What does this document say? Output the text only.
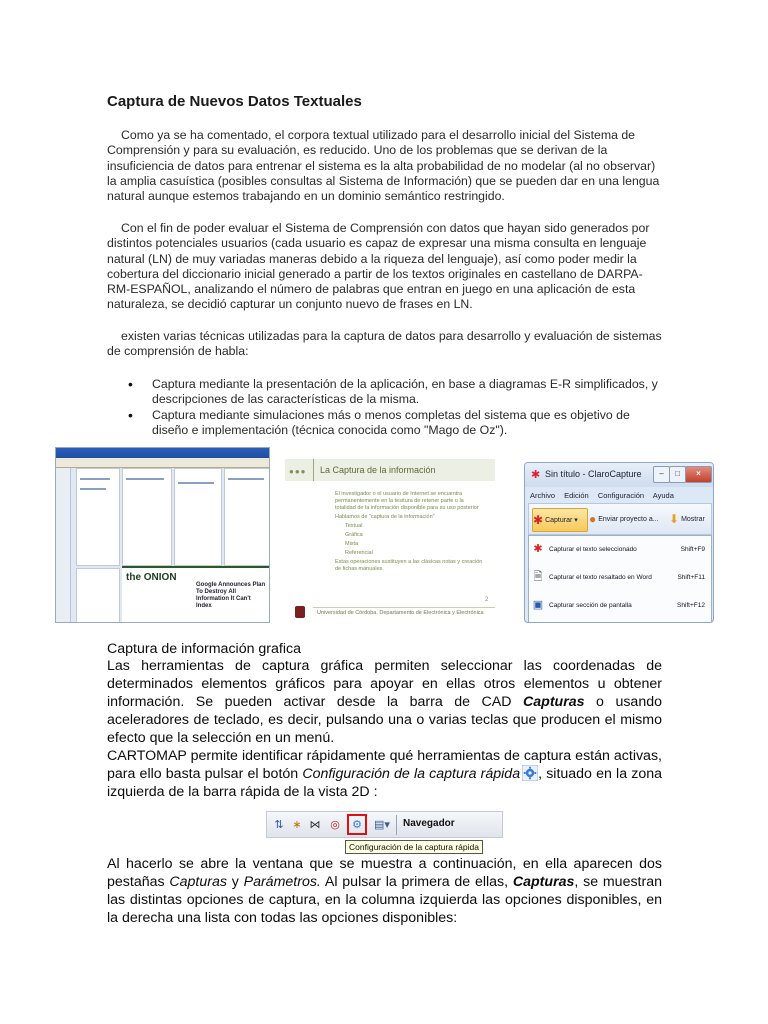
Captura de Nuevos Datos Textuales

Como ya se ha comentado, el corpora textual utilizado para el desarrollo inicial del Sistema de Comprensión y para su evaluación, es reducido. Uno de los problemas que se derivan de la insuficiencia de datos para entrenar el sistema es la alta probabilidad de no modelar (al no observar) la amplia casuística (posibles consultas al Sistema de Información) que se pueden dar en una lengua natural aunque estemos trabajando en un dominio semántico restringido.

Con el fin de poder evaluar el Sistema de Comprensión con datos que hayan sido generados por distintos potenciales usuarios (cada usuario es capaz de expresar una misma consulta en lenguaje natural (LN) de muy variadas maneras debido a la riqueza del lenguaje), así como poder medir la cobertura del diccionario inicial generado a partir de los textos originales en castellano de DARPA-RM-ESPAÑOL, analizando el número de palabras que entran en juego en una aplicación de esta naturaleza, se decidió capturar un conjunto nuevo de frases en LN.

existen varias técnicas utilizadas para la captura de datos para desarrollo y evaluación de sistemas de comprensión de habla:

• Captura mediante la presentación de la aplicación, en base a diagramas E-R simplificados, y descripciones de las características de la misma.
• Captura mediante simulaciones más o menos completas del sistema que es objetivo de diseño e implementación (técnica conocida como "Mago de Oz").
the ONION
Google Announces Plan To Destroy All Information It Can't Index
●●● La Captura de la información
El investigador o el usuario de Internet se encuentra permanentemente en la tesitura de retener parte o la totalidad de la información disponible para su uso posterior
Hablamos de "captura de la información"
Textual
Gráfica
Mixta
Referencial
Estas operaciones sustituyen a las clásicas notas y creación de fichas manuales
2
Universidad de Córdoba. Departamento de Electrónica y Electrónica
✱ Sin título - ClaroCapture	–	□	×
Archivo Edición Configuración Ayuda
✱ Capturar ▾ ● Enviar proyecto a... ⬇ Mostrar
✱ Capturar el texto seleccionado	Shift+F9
🗎 Capturar el texto resaltado en Word	Shift+F11
▣ Capturar sección de pantalla	Shift+F12
Captura de información grafica

Las herramientas de captura gráfica permiten seleccionar las coordenadas de determinados elementos gráficos para apoyar en ellas otros elementos u obtener información. Se pueden activar desde la barra de CAD Capturas o usando aceleradores de teclado, es decir, pulsando una o varias teclas que producen el mismo efecto que la selección en un menú.

CARTOMAP permite identificar rápidamente qué herramientas de captura están activas, para ello basta pulsar el botón Configuración de la captura rápida , situado en la zona izquierda de la barra rápida de la vista 2D :

⇅ ∗ ⋈ ◎ ⚙ ▤▾	Navegador
Configuración de la captura rápida

Al hacerlo se abre la ventana que se muestra a continuación, en ella aparecen dos pestañas Capturas y Parámetros. Al pulsar la primera de ellas, Capturas, se muestran las distintas opciones de captura, en la columna izquierda las opciones disponibles, en la derecha una lista con todas las opciones disponibles:
